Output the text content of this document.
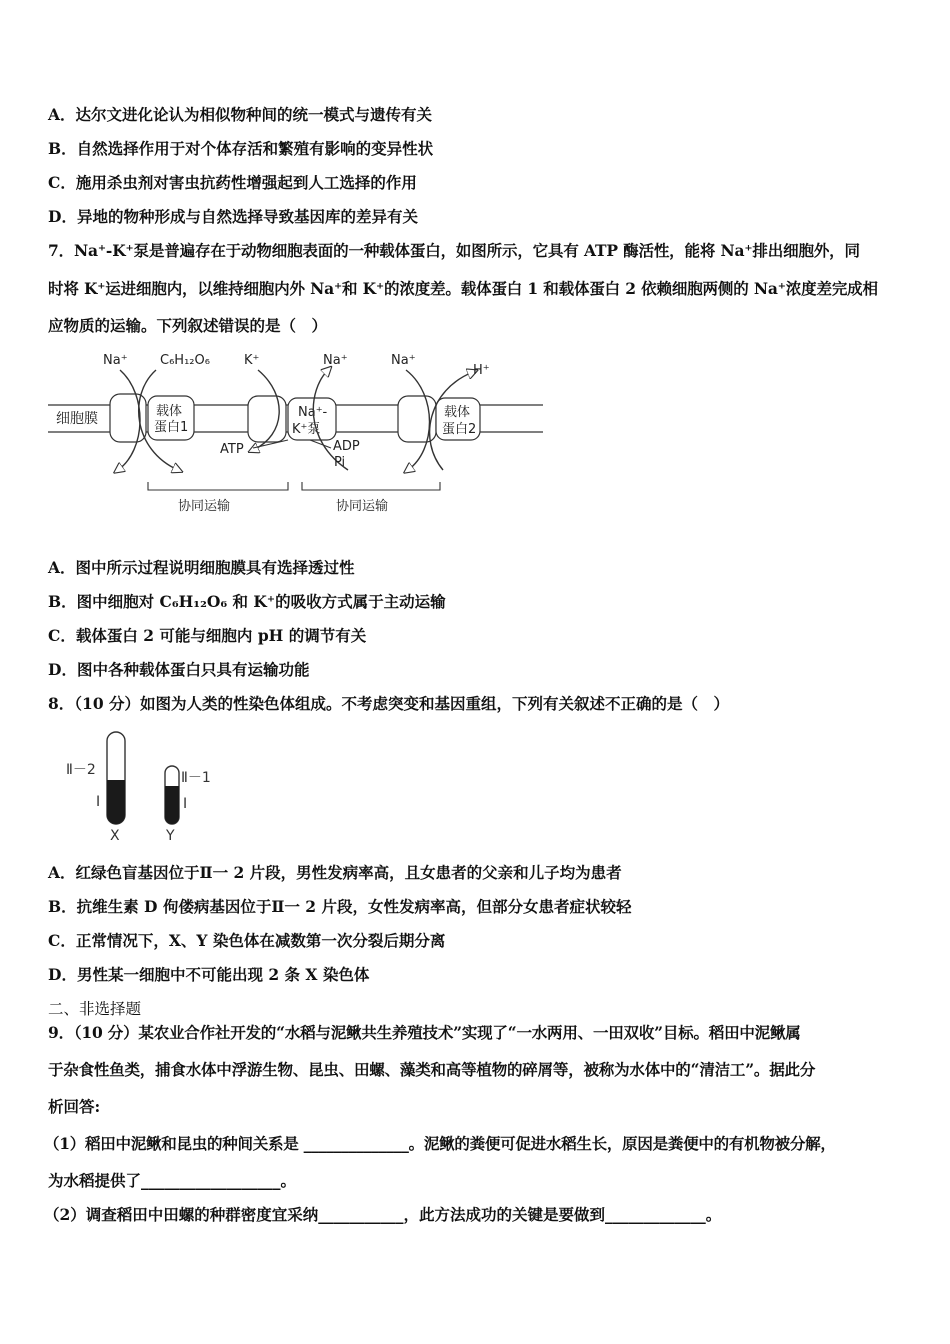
A．达尔文进化论认为相似物种间的统一模式与遗传有关
B．自然选择作用于对个体存活和繁殖有影响的变异性状
C．施用杀虫剂对害虫抗药性增强起到人工选择的作用
D．异地的物种形成与自然选择导致基因库的差异有关
7．Na⁺-K⁺泵是普遍存在于动物细胞表面的一种载体蛋白，如图所示，它具有 ATP 酶活性，能将 Na⁺排出细胞外，同
时将 K⁺运进细胞内，以维持细胞内外 Na⁺和 K⁺的浓度差。载体蛋白 1 和载体蛋白 2 依赖细胞两侧的 Na⁺浓度差完成相
应物质的运输。下列叙述错误的是（　）
细胞膜	载体
蛋白1
Na⁺-
K⁺泵
载体
蛋白2
Na⁺ C₆H₁₂O₆	K⁺	Na⁺	Na⁺
H⁺
ATP	ADP
Pi
协同运输	协同运输
A．图中所示过程说明细胞膜具有选择透过性
B．图中细胞对 C₆H₁₂O₆ 和 K⁺的吸收方式属于主动运输
C．载体蛋白 2 可能与细胞内 pH 的调节有关
D．图中各种载体蛋白只具有运输功能
8．（10 分）如图为人类的性染色体组成。不考虑突变和基因重组，下列有关叙述不正确的是（　）
Ⅱ－2
Ⅰ
X
Ⅱ－1
Ⅰ
Y
A．红绿色盲基因位于Ⅱ一 2 片段，男性发病率高，且女患者的父亲和儿子均为患者
B．抗维生素 D 佝偻病基因位于Ⅱ一 2 片段，女性发病率高，但部分女患者症状较轻
C．正常情况下，X、Y 染色体在减数第一次分裂后期分离
D．男性某一细胞中不可能出现 2 条 X 染色体
二、非选择题
9．（10 分）某农业合作社开发的“水稻与泥鳅共生养殖技术”实现了“一水两用、一田双收”目标。稻田中泥鳅属
于杂食性鱼类，捕食水体中浮游生物、昆虫、田螺、藻类和高等植物的碎屑等，被称为水体中的“清洁工”。据此分
析回答:
（1）稻田中泥鳅和昆虫的种间关系是 ______________。泥鳅的粪便可促进水稻生长，原因是粪便中的有机物被分解，
为水稻提供了__________________。
（2）调查稻田中田螺的种群密度宜采纳___________，此方法成功的关键是要做到_____________。
